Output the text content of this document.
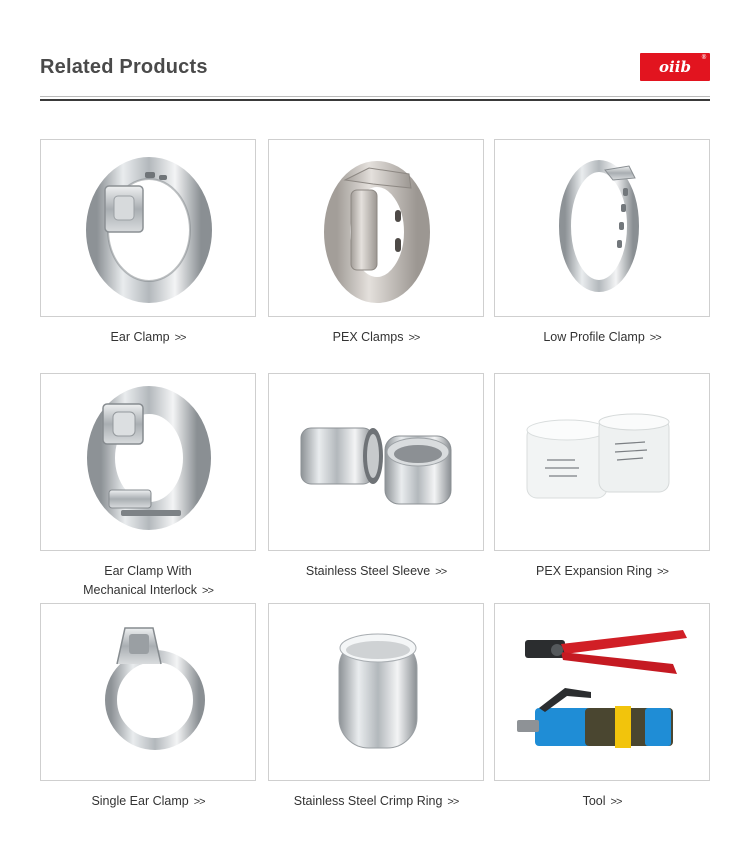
Related Products	oiib
®
Ear Clamp >>	PEX Clamps >>	Low Profile Clamp >>
Ear Clamp With
Mechanical Interlock >>
Stainless Steel Sleeve >>	PEX Expansion Ring >>
Single Ear Clamp >>	Stainless Steel Crimp Ring >>	Tool >>
